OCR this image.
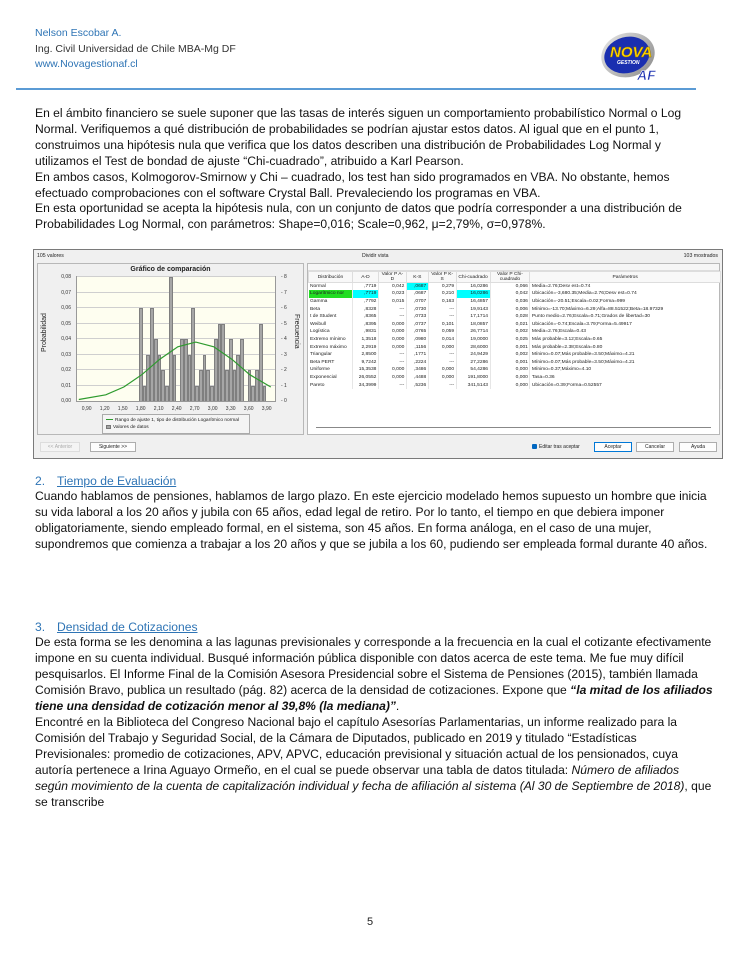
Nelson Escobar A.
Ing. Civil Universidad de Chile MBA-Mg DF
www.Novagestionaf.cl
NOVA
GESTION
AF
En el ámbito financiero se suele suponer que las tasas de interés siguen un comportamiento probabilístico Normal o Log Normal. Verifiquemos a qué distribución de probabilidades se podrían ajustar estos datos. Al igual que en el punto 1, construimos una hipótesis nula que verifica que los datos describen una distribución de Probabilidades Log Normal y utilizamos el Test de bondad de ajuste “Chi-cuadrado”, atribuido a Karl Pearson.
En ambos casos, Kolmogorov-Smirnow y Chi – cuadrado, los test han sido programados en VBA. No obstante, hemos efectuado comprobaciones con el software Crystal Ball. Prevaleciendo los programas en VBA.
En esta oportunidad se acepta la hipótesis nula, con un conjunto de datos que podría corresponder a una distribución de Probabilidades Log Normal, con parámetros: Shape=0,016; Scale=0,962, μ=2,79%, σ=0,978%.
105 valores	Dividir vista	103 mostrados
Gráfico de comparación
Probabilidad	Frecuencia
0,00	- 0
0,01	- 1
0,02	- 2
0,03	- 3
0,04	- 4
0,05	- 5
0,06	- 6
0,07	- 7
0,08	- 8
0,90 1,20 1,50 1,80 2,10 2,40 2,70 3,00 3,30 3,60 3,90
Rango de ajuste 1, tipo de distribución Logarítmico normal
Valores de datos
Distribución	A-D	Valor P A-D	K-S	Valor P K-S	Chi-cuadrado	Valor P Chi-cuadrado	Parámetros
Normal	,7719	0,042	,0687	0,279	16,0286	0,066	Media=2.76;Desv est=0.74
Logarítmico nor	,7719	0,023	,0687	0,210	16,0286	0,042	Ubicación=-3,680.35;Media=2.76;Desv est=0.74
Gamma	,7792	0,015	,0707	0,163	16,4857	0,036	Ubicación=-20.51;Escala=0.02;Forma=999
Beta	,8328	---	,0730	---	19,9143	0,006	Mínimo=-13.70;Máximo=6.29;Alfa=88.51522;Beta=18.97329
t de Student	,8365	---	,0733	---	17,1714	0,028	Punto medio=2.76;Escala=0.71;Grados de libertad=30
Weibull	,8395	0,000	,0737	0,101	18,0857	0,021	Ubicación=-0.74;Escala=3.79;Forma=5.49917
Logística	,9831	0,000	,0765	0,059	26,7714	0,002	Media=2.76;Escala=0.43
Extremo mínimo	1,3518	0,000	,0980	0,014	19,0000	0,025	Más probable=3.12;Escala=0.65
Extremo máximo	2,2919	0,000	,1156	0,000	28,6000	0,001	Más probable=2.38;Escala=0.80
Triangular	2,8500	---	,1771	---	24,9429	0,002	Mínimo=0.07;Más probable=3.50;Máximo=4.21
Beta PERT	9,7242	---	,2224	---	27,2286	0,001	Mínimo=0.07;Más probable=3.50;Máximo=4.21
Uniforme	15,3538	0,000	,3486	0,000	54,4286	0,000	Mínimo=0.37;Máximo=4.10
Exponencial	26,0552	0,000	,4488	0,000	191,8000	0,000	Tasa=0.36
Pareto	34,3999	---	,5236	---	341,5143	0,000	Ubicación=0.39;Forma=0.52557
<< Anterior	Siguiente >>	Editar tras aceptar	Aceptar	Cancelar	Ayuda
2. Tiempo de Evaluación
Cuando hablamos de pensiones, hablamos de largo plazo. En este ejercicio modelado hemos supuesto un hombre que inicia su vida laboral a los 20 años y jubila con 65 años, edad legal de retiro. Por lo tanto, el tiempo en que debiera imponer obligatoriamente, siendo empleado formal, en el sistema, son 45 años. En forma análoga, en el caso de una mujer, supondremos que comienza a trabajar a los 20 años y que se jubila a los 60, pudiendo ser empleada formal durante 40 años.
3. Densidad de Cotizaciones
De esta forma se les denomina a las lagunas previsionales y corresponde a la frecuencia en la cual el cotizante efectivamente impone en su cuenta individual. Busqué información pública disponible con datos acerca de este tema. Me fue muy difícil pesquisarlos. El Informe Final de la Comisión Asesora Presidencial sobre el Sistema de Pensiones (2015), también llamada Comisión Bravo, publica un resultado (pág. 82) acerca de la densidad de cotizaciones. Expone que “la mitad de los afiliados tiene una densidad de cotización menor al 39,8% (la mediana)”.
Encontré en la Biblioteca del Congreso Nacional bajo el capítulo Asesorías Parlamentarias, un informe realizado para la Comisión del Trabajo y Seguridad Social, de la Cámara de Diputados, publicado en 2019 y titulado “Estadísticas Previsionales: promedio de cotizaciones, APV, APVC, educación previsional y situación actual de los pensionados, cuya autoría pertenece a Irina Aguayo Ormeño, en el cual se puede observar una tabla de datos titulada: Número de afiliados según movimiento de la cuenta de capitalización individual y fecha de afiliación al sistema (Al 30 de Septiembre de 2018), que se transcribe
5
